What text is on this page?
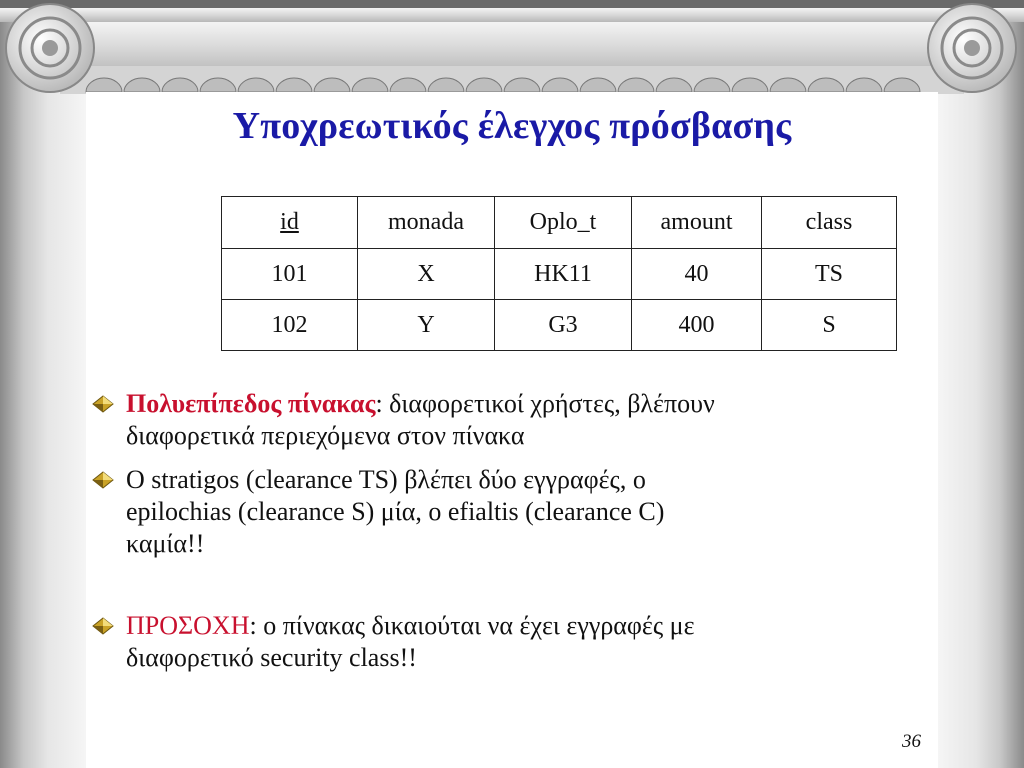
Υποχρεωτικός έλεγχος πρόσβασης
id	monada	Oplo_t	amount	class
101	X	HK11	40	TS
102	Y	G3	400	S
Πολυεπίπεδος πίνακας: διαφορετικοί χρήστες, βλέπουν
διαφορετικά περιεχόμενα στον πίνακα
O stratigos (clearance TS) βλέπει δύο εγγραφές, ο
epilochias (clearance S) μία, ο efialtis (clearance C)
καμία!!
ΠΡΟΣΟΧΗ: ο πίνακας δικαιούται να έχει εγγραφές με
διαφορετικό security class!!
36
